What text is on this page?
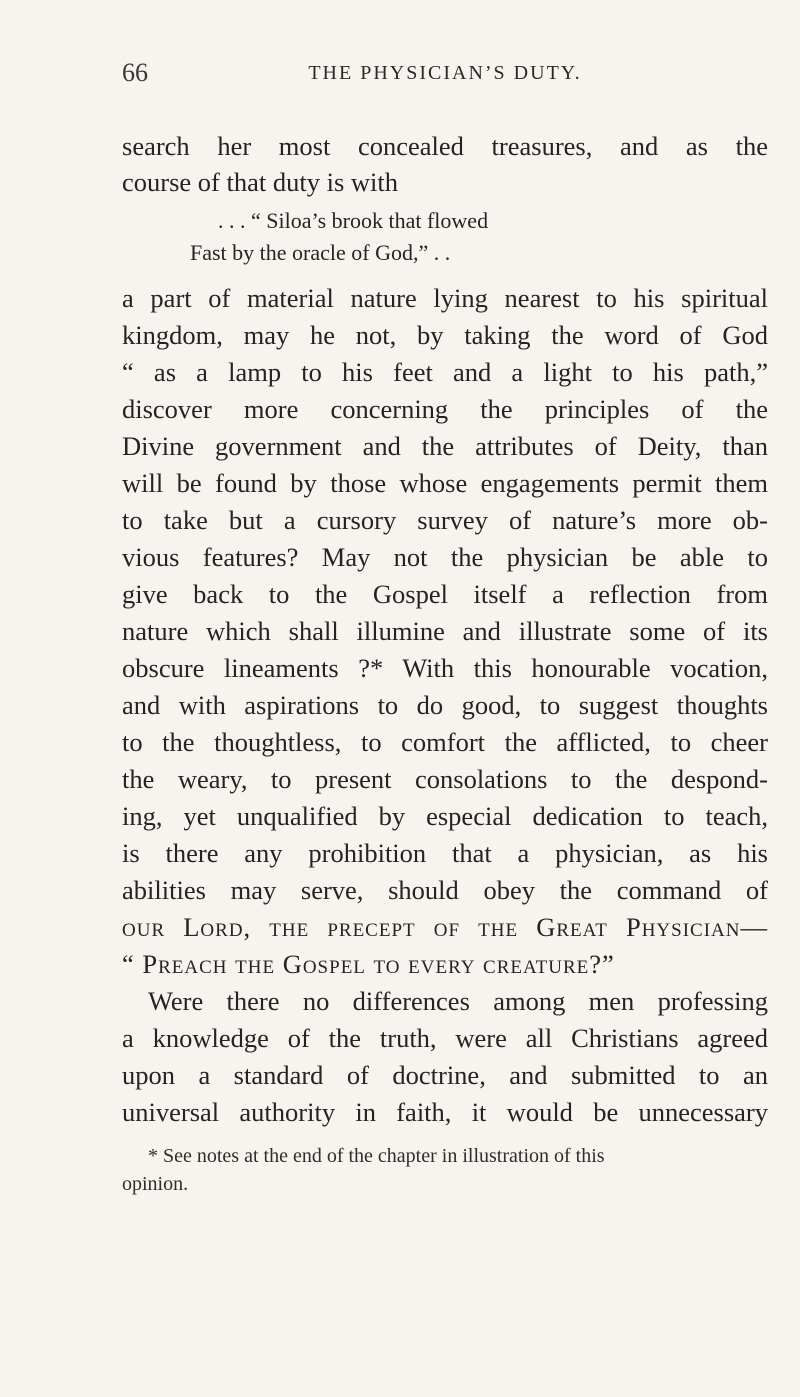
66	THE PHYSICIAN’S DUTY.
search her most concealed treasures, and as the
course of that duty is with
. . . “ Siloa’s brook that flowed
Fast by the oracle of God,” . .
a part of material nature lying nearest to his spiritual
kingdom, may he not, by taking the word of God
“ as a lamp to his feet and a light to his path,”
discover more concerning the principles of the
Divine government and the attributes of Deity, than
will be found by those whose engagements permit them
to take but a cursory survey of nature’s more ob-
vious features? May not the physician be able to
give back to the Gospel itself a reflection from
nature which shall illumine and illustrate some of its
obscure lineaments ?* With this honourable vocation,
and with aspirations to do good, to suggest thoughts
to the thoughtless, to comfort the afflicted, to cheer
the weary, to present consolations to the despond-
ing, yet unqualified by especial dedication to teach,
is there any prohibition that a physician, as his
abilities may serve, should obey the command of
our Lord, the precept of the Great Physician—
“ Preach the Gospel to every creature?”
Were there no differences among men professing
a knowledge of the truth, were all Christians agreed
upon a standard of doctrine, and submitted to an
universal authority in faith, it would be unnecessary
* See notes at the end of the chapter in illustration of this
opinion.
